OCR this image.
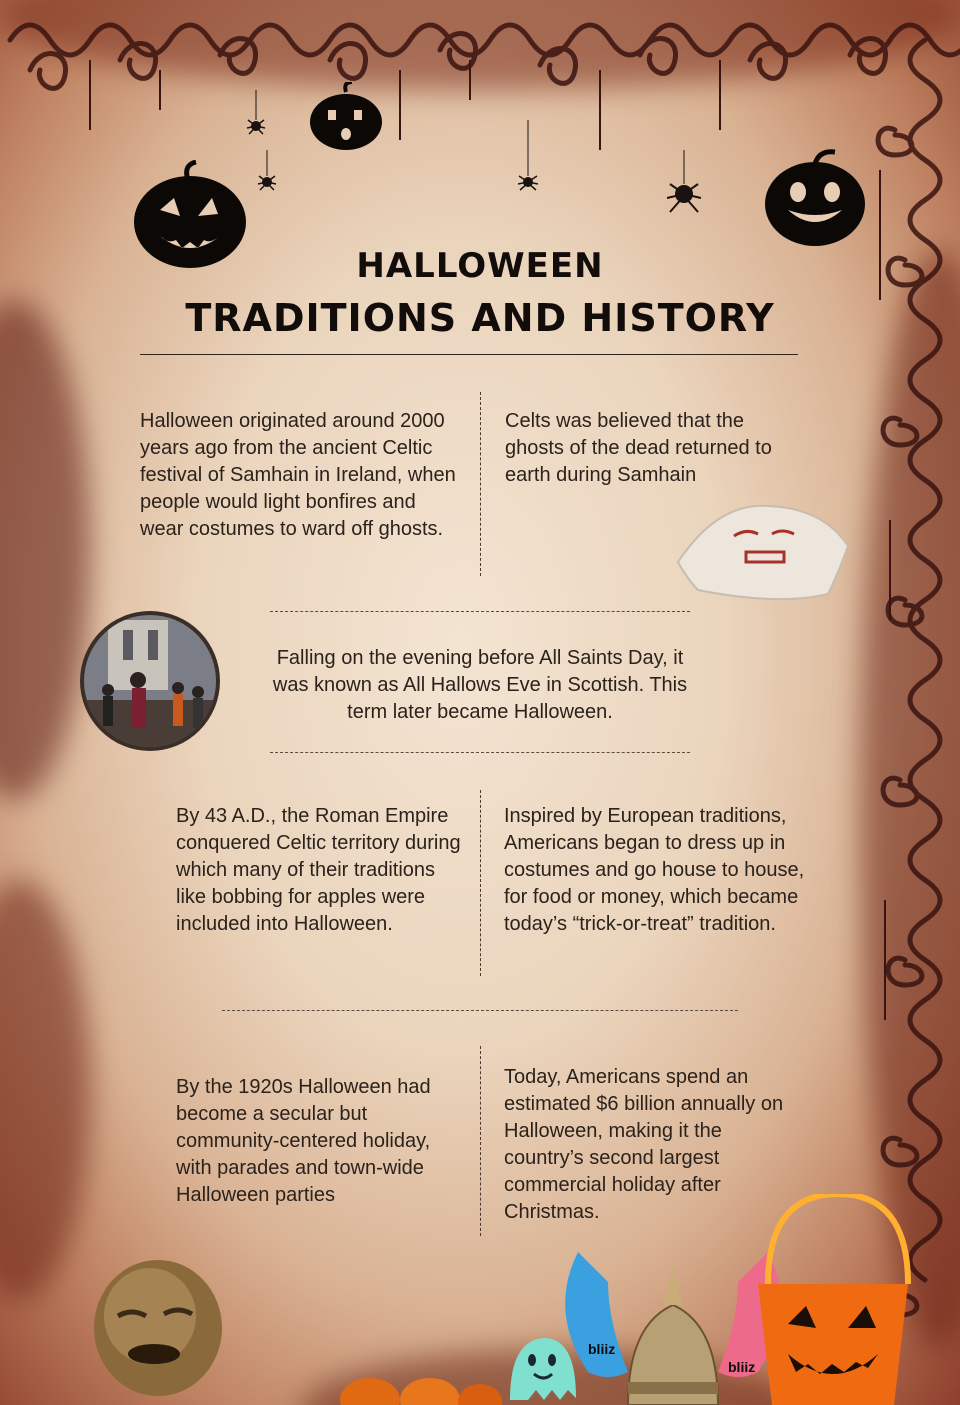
HALLOWEEN
TRADITIONS AND HISTORY
Halloween originated around 2000 years ago from the ancient Celtic festival of Samhain in Ireland, when people would light bonfires and wear costumes to ward off ghosts.
Celts was believed that the ghosts of the dead returned to earth during Samhain
Falling on the evening before All Saints Day, it was known as All Hallows Eve in Scottish. This term later became Halloween.
By 43 A.D., the Roman Empire conquered Celtic territory during which many of their traditions like bobbing for apples were included into Halloween.
Inspired by European traditions, Americans began to dress up in costumes and go house to house, for food or money, which became today’s “trick-or-treat” tradition.
By the 1920s Halloween had become a secular but community-centered holiday, with parades and town-wide Halloween parties
Today, Americans spend an estimated $6 billion annually on Halloween, making it the country’s second largest commercial holiday after Christmas.
bliiz
bliiz
